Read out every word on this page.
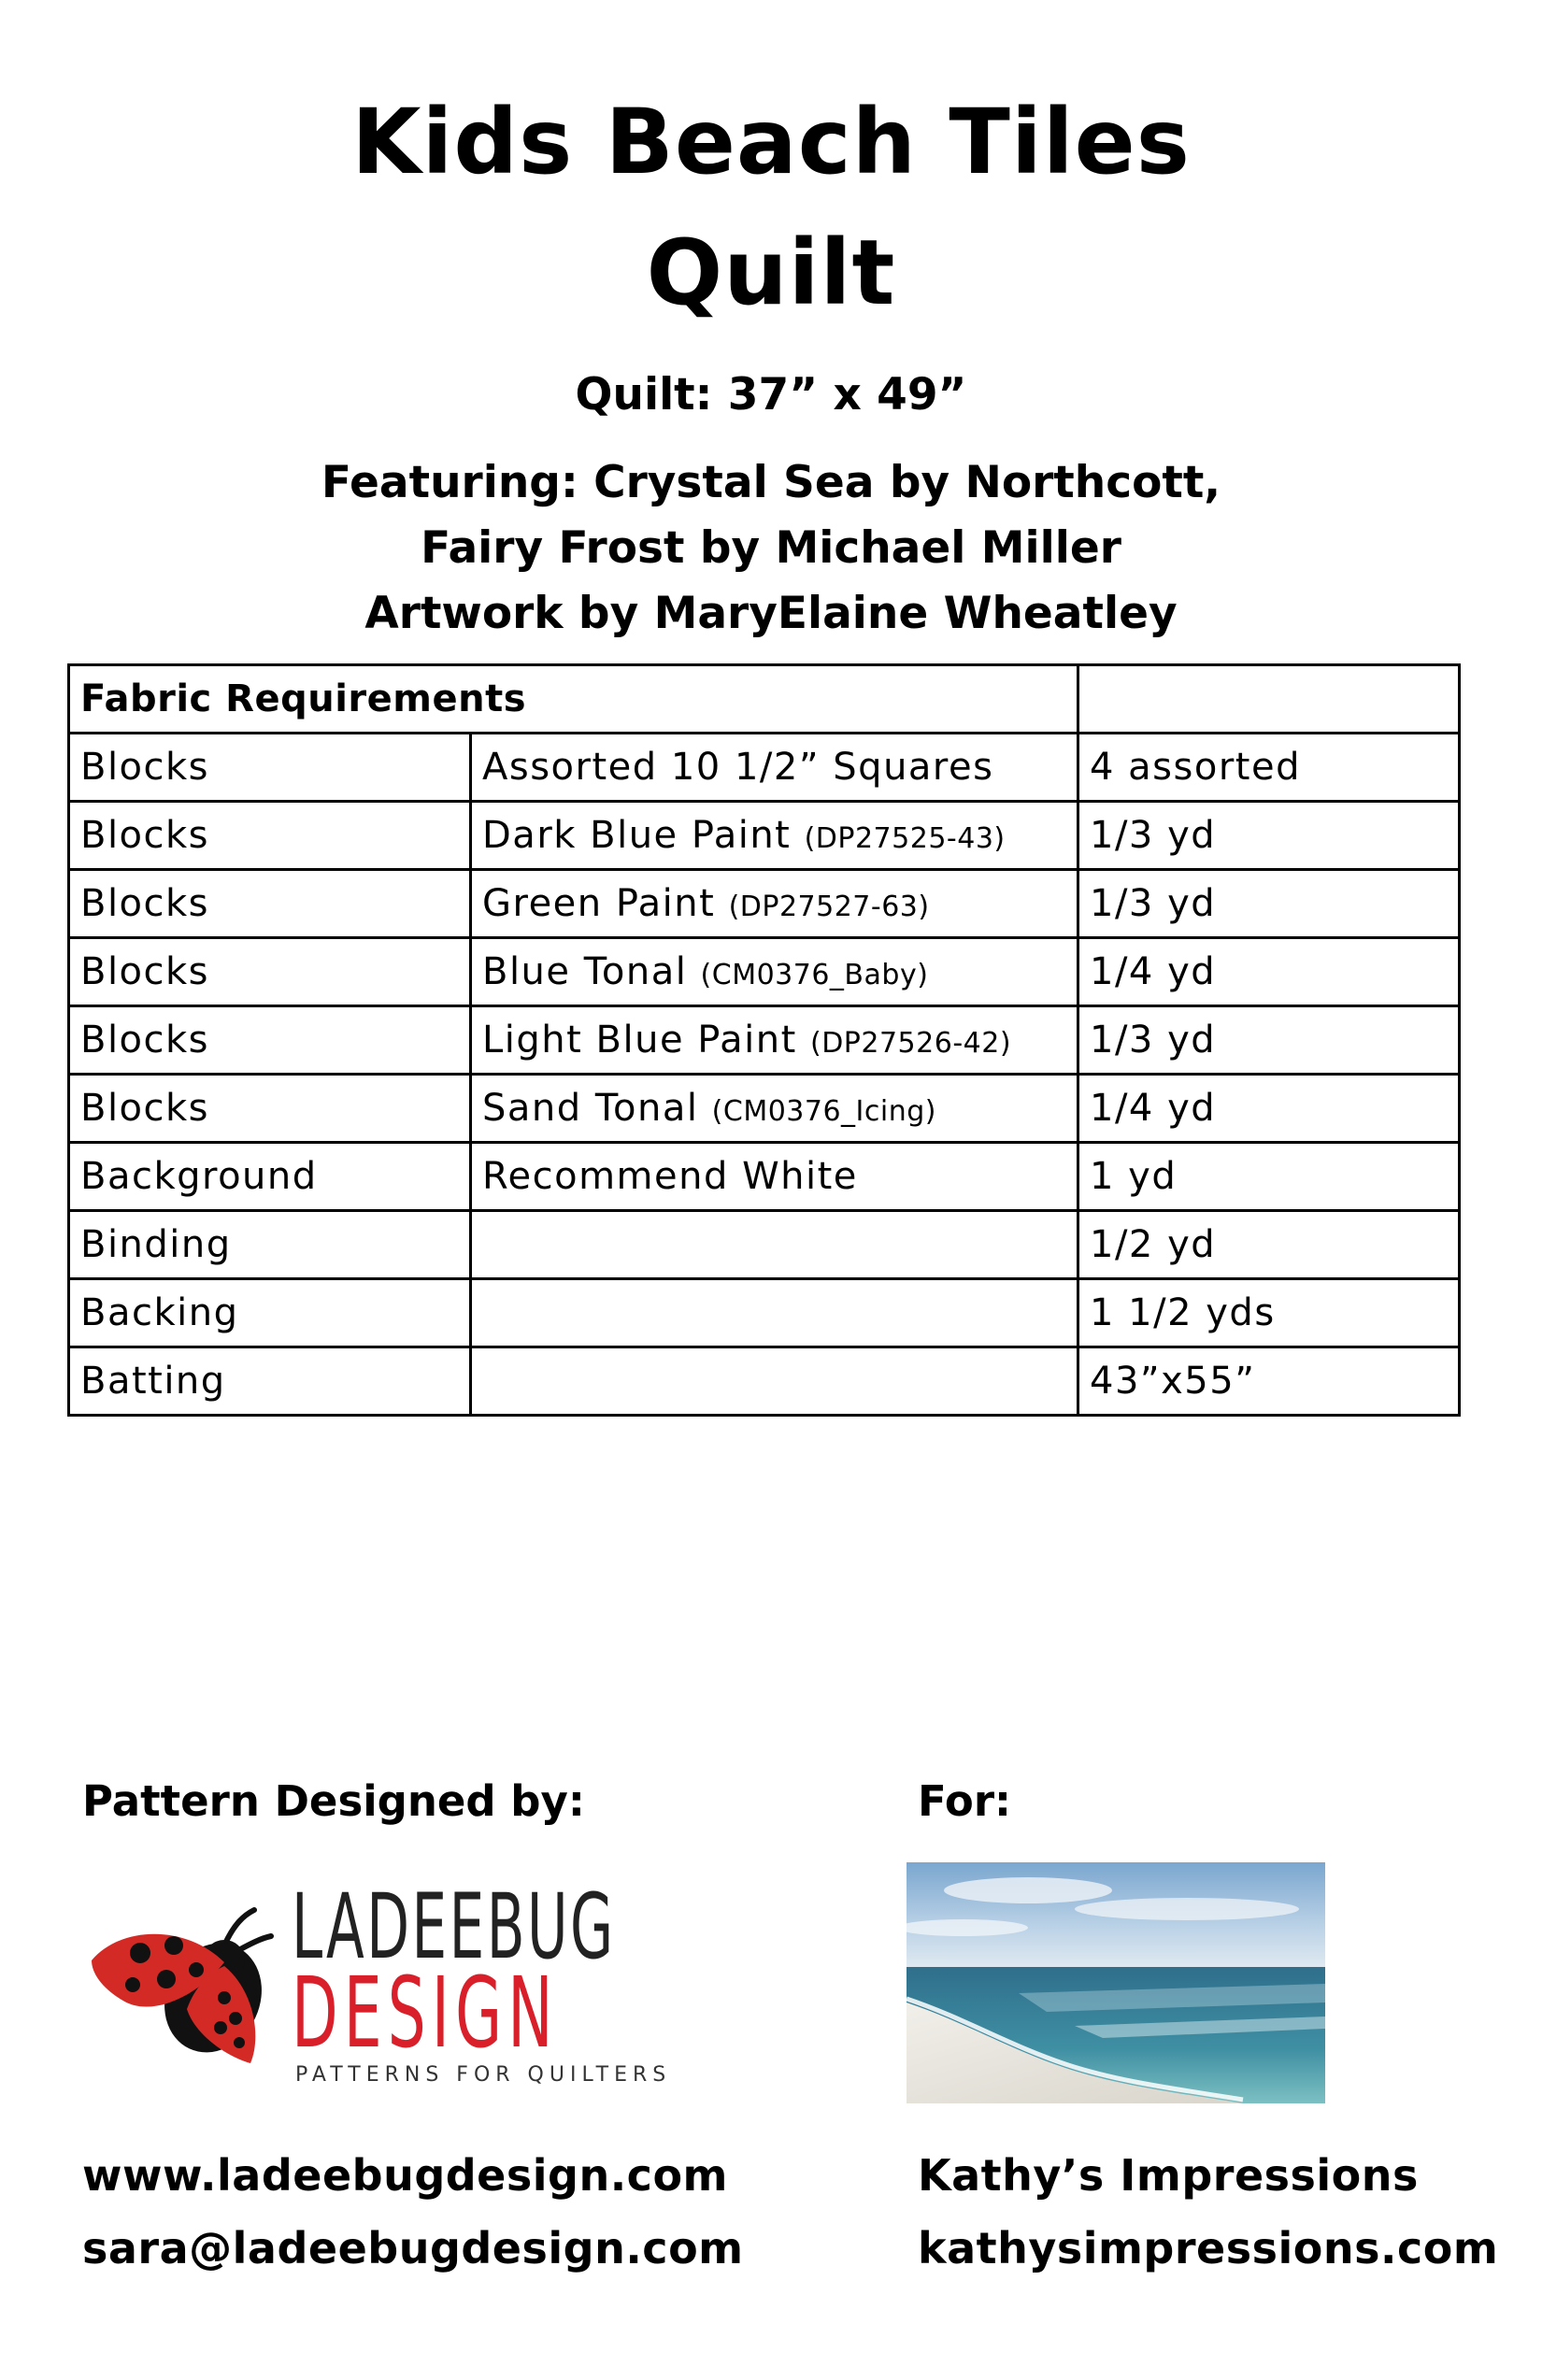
Kids Beach Tiles
Quilt
Quilt: 37” x 49”
Featuring: Crystal Sea by Northcott,
Fairy Frost by Michael Miller
Artwork by MaryElaine Wheatley
Fabric Requirements		
Blocks	Assorted 10 1/2” Squares	4 assorted
Blocks	Dark Blue Paint (DP27525-43)	1/3 yd
Blocks	Green Paint (DP27527-63)	1/3 yd
Blocks	Blue Tonal (CM0376_Baby)	1/4 yd
Blocks	Light Blue Paint (DP27526-42)	1/3 yd
Blocks	Sand Tonal (CM0376_Icing)	1/4 yd
Background	Recommend White	1 yd
Binding		1/2 yd
Backing		1 1/2 yds
Batting		43”x55”
Pattern Designed by:	For:
LADEEBUG
DESIGN
PATTERNS FOR QUILTERS
www.ladeebugdesign.com
sara@ladeebugdesign.com
Kathy’s Impressions
kathysimpressions.com
